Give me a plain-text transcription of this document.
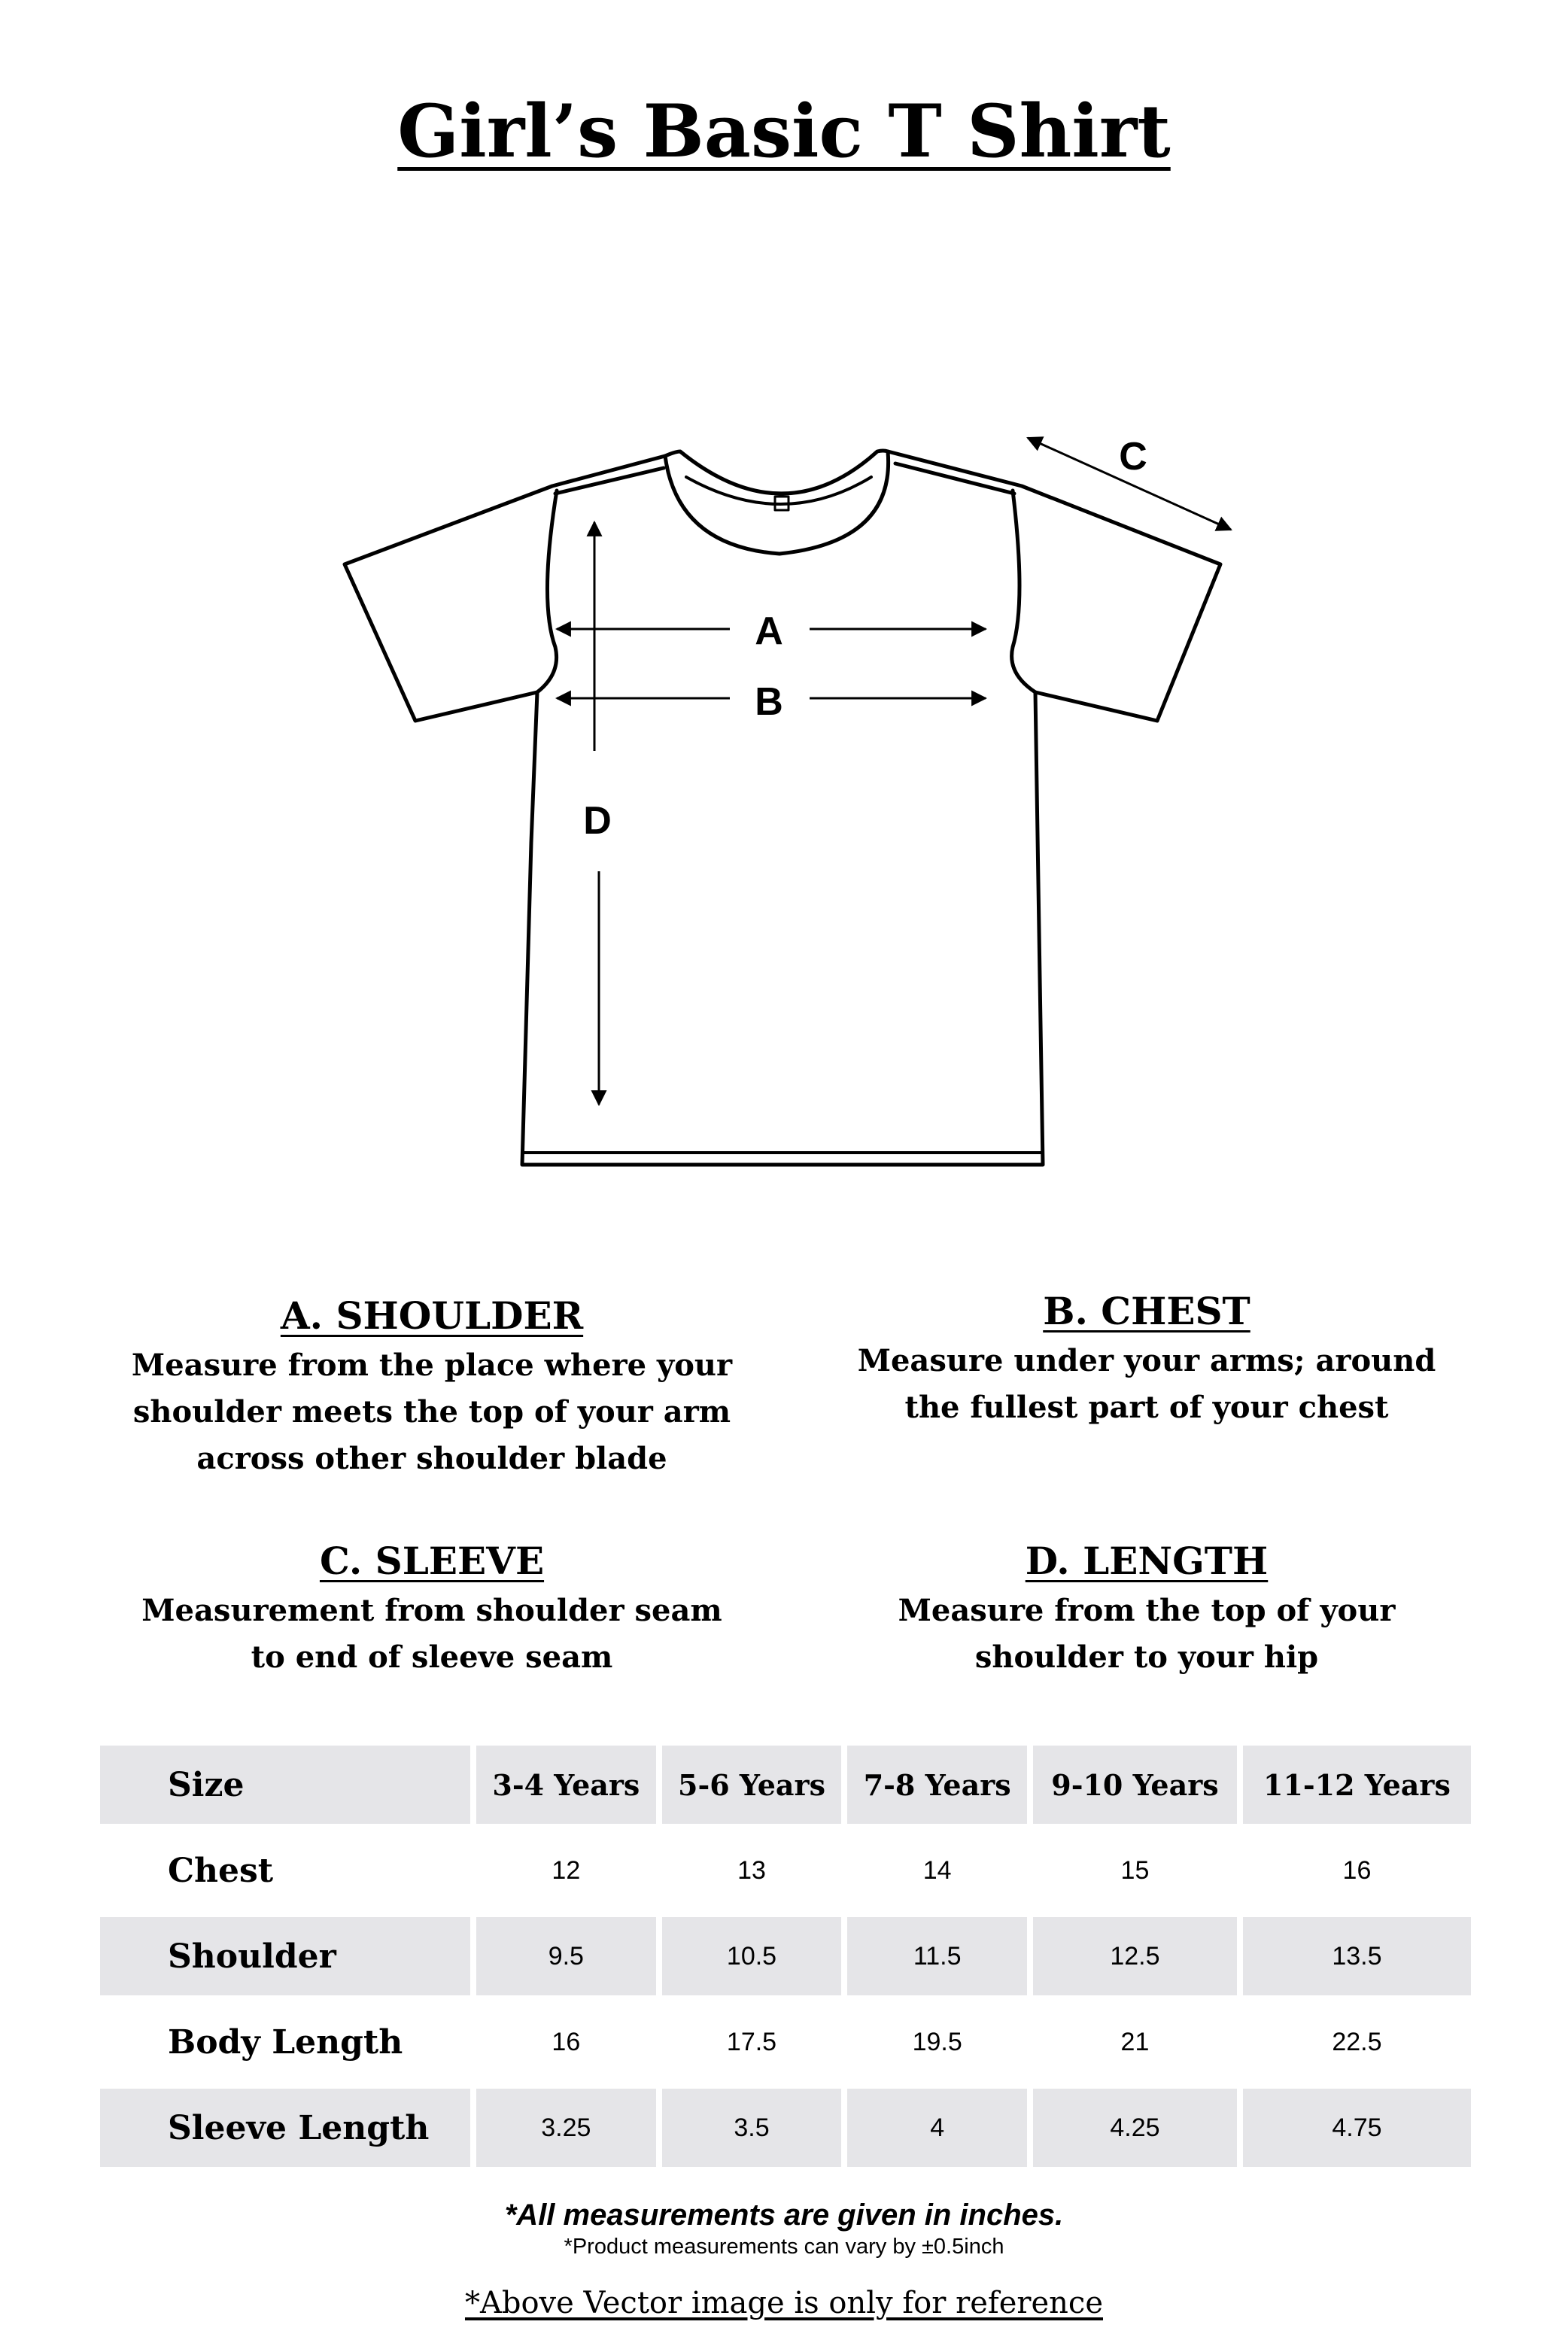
Girl’s Basic T Shirt
A
B
C
D
A. SHOULDER
Measure from the place where your
shoulder meets the top of your arm
across other shoulder blade
B. CHEST
Measure under your arms; around
the fullest part of your chest
C. SLEEVE
Measurement from shoulder seam
to end of sleeve seam
D. LENGTH
Measure from the top of your
shoulder to your hip
Size	3-4 Years	5-6 Years	7-8 Years	9-10 Years	11-12 Years
Chest	12	13	14	15	16
Shoulder	9.5	10.5	11.5	12.5	13.5
Body Length	16	17.5	19.5	21	22.5
Sleeve Length	3.25	3.5	4	4.25	4.75
*All measurements are given in inches.
*Product measurements can vary by ±0.5inch
*Above Vector image is only for reference
